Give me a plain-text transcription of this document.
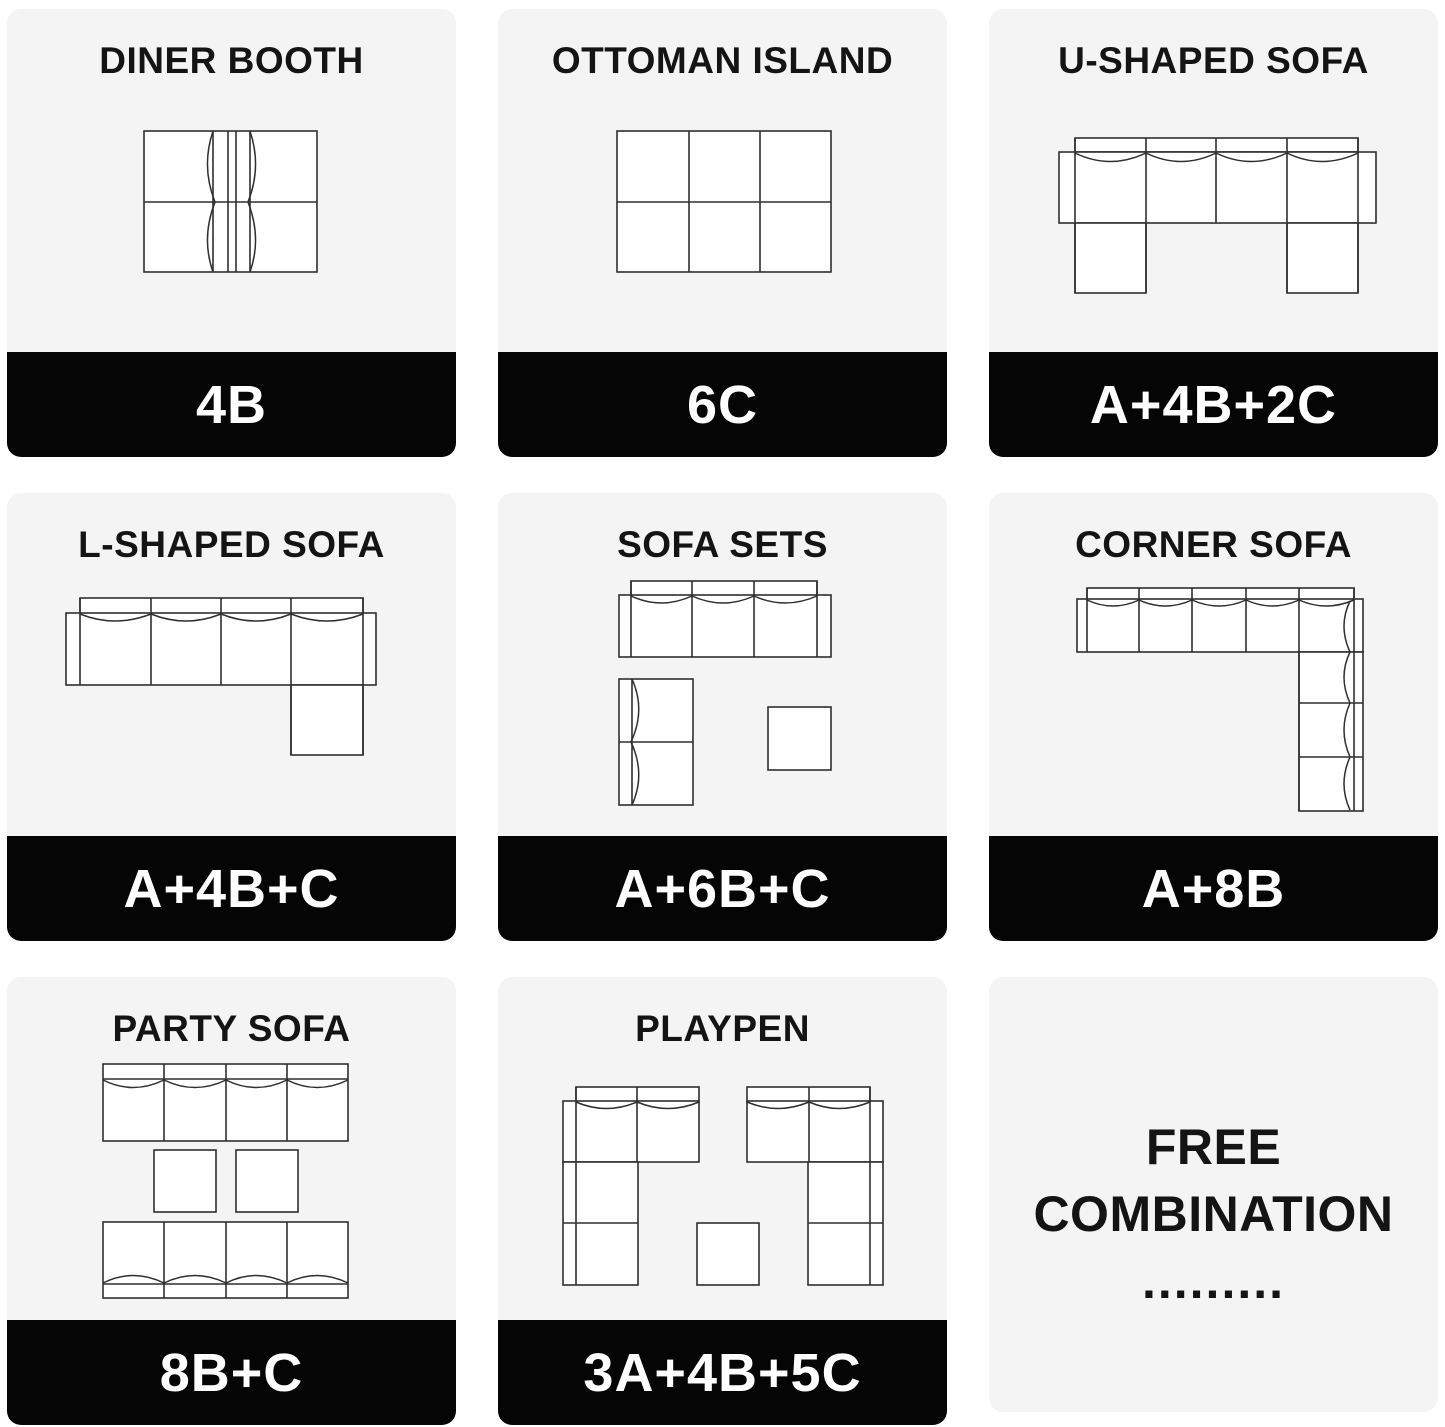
DINER BOOTH
4B
OTTOMAN ISLAND
6C
U-SHAPED SOFA
A+4B+2C
L-SHAPED SOFA
A+4B+C
SOFA SETS
A+6B+C
CORNER SOFA
A+8B
PARTY SOFA
8B+C
PLAYPEN
3A+4B+5C
FREE COMBINATION

.........
